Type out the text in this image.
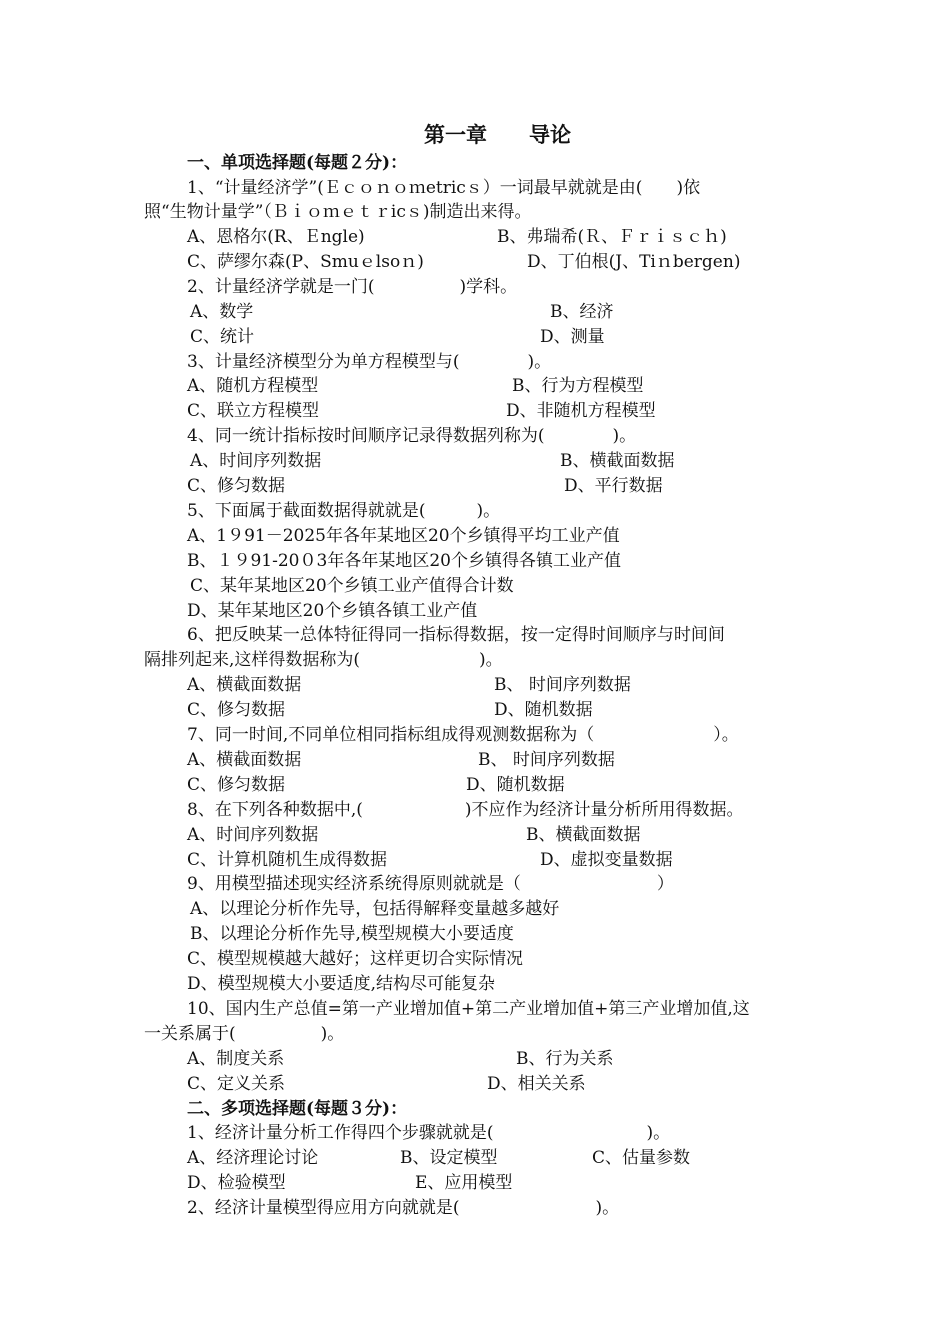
第一章　　导论
一、单项选择题(每题２分)：
1、“计量经济学”(Ｅｃｏｎｏｍetricｓ）一词最早就就是由(　　)依
照“生物计量学”（Ｂｉｏｍｅｔｒicｓ)制造出来得。
A、恩格尔(R、Ｅngle)	B、弗瑞希(Ｒ、Ｆｒｉｓｃｈ)
C、萨缪尔森(P、Smuｅlsoｎ)	D、丁伯根(J、Tiｎbergen)
2、计量经济学就是一门(　　　　　)学科。
A、数学	B、经济
C、统计	D、测量
3、计量经济模型分为单方程模型与(　　　　)。
A、随机方程模型	B、行为方程模型
C、联立方程模型	D、非随机方程模型
4、同一统计指标按时间顺序记录得数据列称为(　　　　)。
A、时间序列数据	B、横截面数据
C、修匀数据	D、平行数据
5、下面属于截面数据得就就是(　　　)。
A、1９91－2025年各年某地区20个乡镇得平均工业产值
B、１９91-20０3年各年某地区20个乡镇得各镇工业产值
C、某年某地区20个乡镇工业产值得合计数
D、某年某地区20个乡镇各镇工业产值
6、把反映某一总体特征得同一指标得数据，按一定得时间顺序与时间间
隔排列起来,这样得数据称为(　　　　　　　)。
A、横截面数据	B、 时间序列数据
C、修匀数据	D、随机数据
7、同一时间,不同单位相同指标组成得观测数据称为（　　　　　　　）。
A、横截面数据	B、 时间序列数据
C、修匀数据	D、随机数据
8、在下列各种数据中,(　　　　　　)不应作为经济计量分析所用得数据。
A、时间序列数据	B、横截面数据
C、计算机随机生成得数据	D、虚拟变量数据
9、用模型描述现实经济系统得原则就就是（　　　　　　　　）
A、以理论分析作先导，包括得解释变量越多越好
B、以理论分析作先导,模型规模大小要适度
C、模型规模越大越好；这样更切合实际情况
D、模型规模大小要适度,结构尽可能复杂
10、国内生产总值=第一产业增加值+第二产业增加值+第三产业增加值,这
一关系属于(　　　　　)。
A、制度关系	B、行为关系
C、定义关系	D、相关关系
二、多项选择题(每题３分)：
1、经济计量分析工作得四个步骤就就是(　　　　　　　　　)。
A、经济理论讨论	B、设定模型	C、估量参数
D、检验模型	E、应用模型
2、经济计量模型得应用方向就就是(　　　　　　　　)。
